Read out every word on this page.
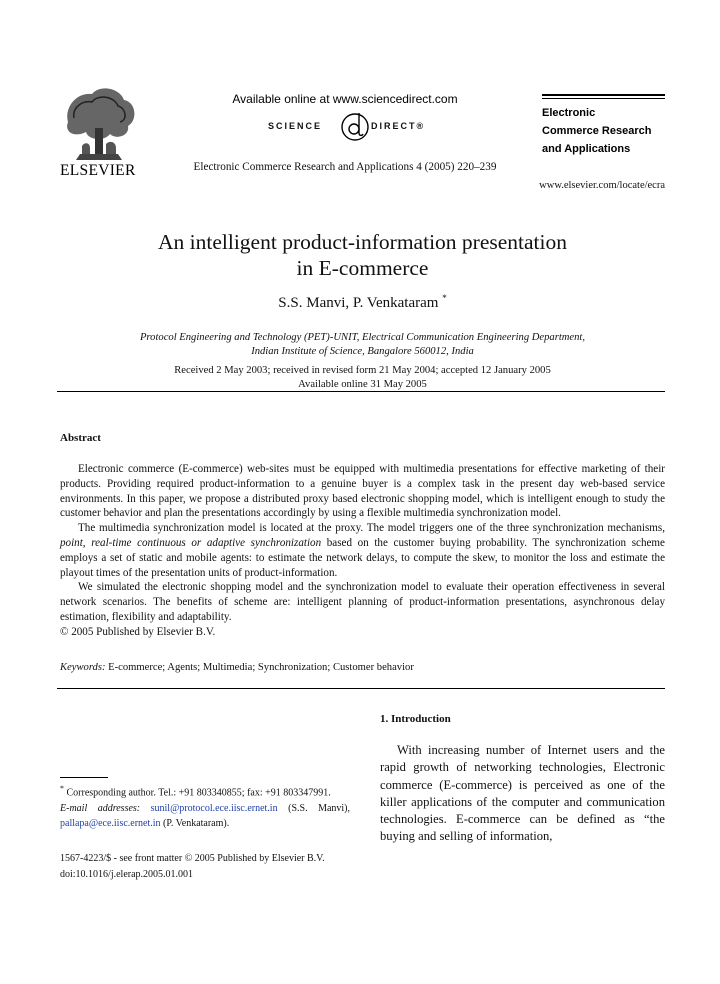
ELSEVIER
Available online at www.sciencedirect.com
SCIENCE	DIRECT®
Electronic Commerce Research and Applications 4 (2005) 220–239
Electronic
Commerce Research
and Applications
www.elsevier.com/locate/ecra
An intelligent product-information presentation
in E-commerce
S.S. Manvi, P. Venkataram *
Protocol Engineering and Technology (PET)-UNIT, Electrical Communication Engineering Department,
Indian Institute of Science, Bangalore 560012, India
Received 2 May 2003; received in revised form 21 May 2004; accepted 12 January 2005
Available online 31 May 2005
Abstract

Electronic commerce (E-commerce) web-sites must be equipped with multimedia presentations for effective marketing of their products. Providing required product-information to a genuine buyer is a complex task in the present day web-based service environments. In this paper, we propose a distributed proxy based electronic shopping model, which is intelligent enough to study the customer behavior and plan the presentations accordingly by using a flexible multimedia synchronization model.

The multimedia synchronization model is located at the proxy. The model triggers one of the three synchronization mechanisms, point, real-time continuous or adaptive synchronization based on the customer buying probability. The synchronization scheme employs a set of static and mobile agents: to estimate the network delays, to compute the skew, to monitor the loss and estimate the playout times of the presentation units of product-information.

We simulated the electronic shopping model and the synchronization model to evaluate their operation effectiveness in several network scenarios. The benefits of scheme are: intelligent planning of product-information presentations, asynchronous delay estimation, flexibility and adaptability.

© 2005 Published by Elsevier B.V.

Keywords: E-commerce; Agents; Multimedia; Synchronization; Customer behavior
* Corresponding author. Tel.: +91 803340855; fax: +91 803347991.
E-mail addresses: sunil@protocol.ece.iisc.ernet.in (S.S. Manvi), pallapa@ece.iisc.ernet.in (P. Venkataram).
1567-4223/$ - see front matter © 2005 Published by Elsevier B.V.
doi:10.1016/j.elerap.2005.01.001
1. Introduction

With increasing number of Internet users and the rapid growth of networking technologies, Electronic commerce (E-commerce) is perceived as one of the killer applications of the computer and communication technologies. E-commerce can be defined as “the buying and selling of information,
